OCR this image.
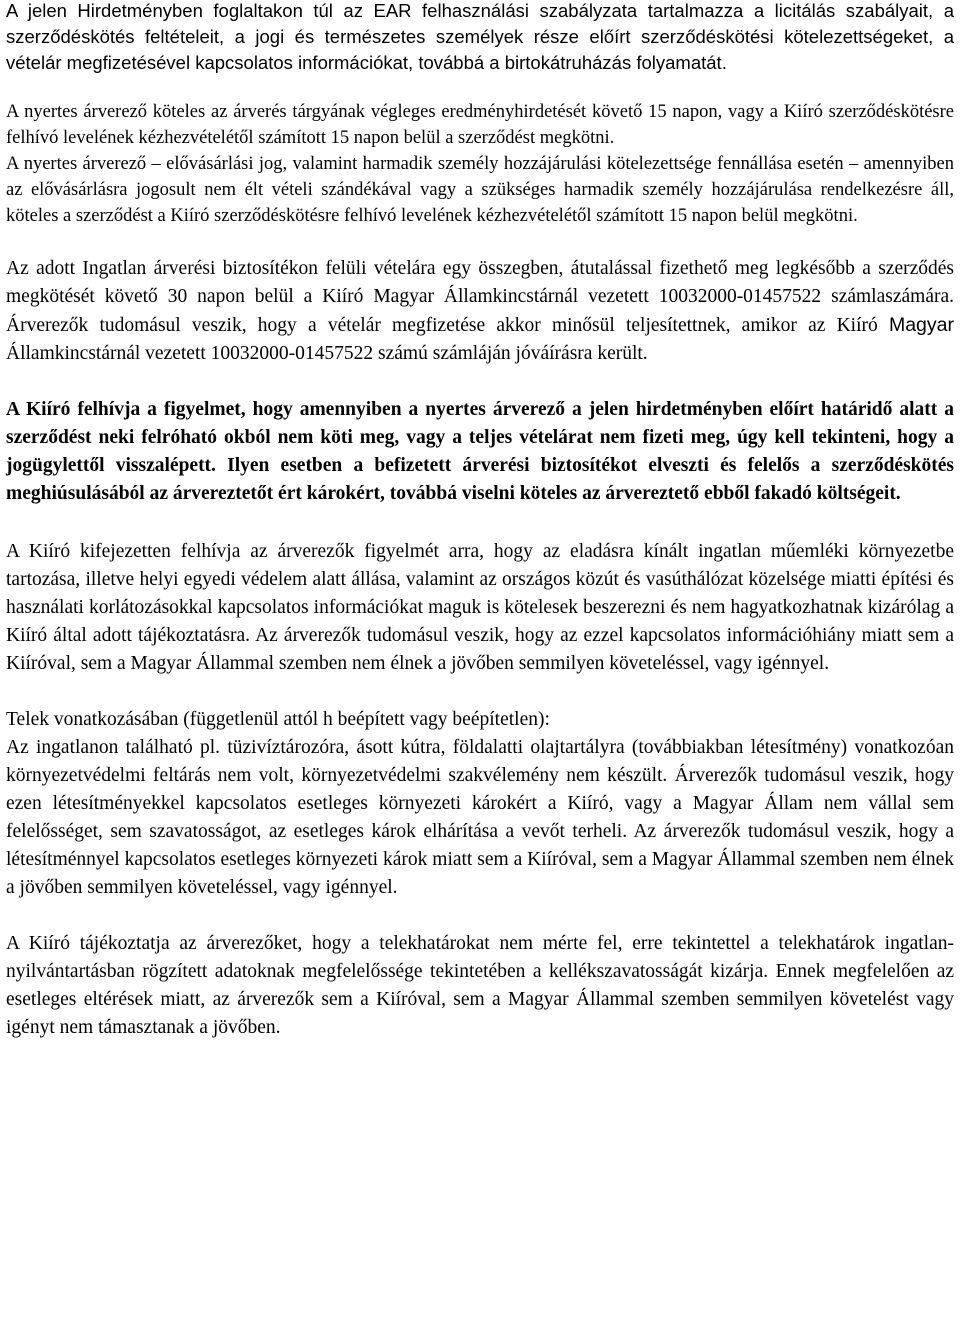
A jelen Hirdetményben foglaltakon túl az EAR felhasználási szabályzata tartalmazza a licitálás szabályait, a szerződéskötés feltételeit, a jogi és természetes személyek része előírt szerződéskötési kötelezettségeket, a vételár megfizetésével kapcsolatos információkat, továbbá a birtokátruházás folyamatát.

A nyertes árverező köteles az árverés tárgyának végleges eredményhirdetését követő 15 napon, vagy a Kiíró szerződéskötésre felhívó levelének kézhezvételétől számított 15 napon belül a szerződést megkötni.

A nyertes árverező – elővásárlási jog, valamint harmadik személy hozzájárulási kötelezettsége fennállása esetén – amennyiben az elővásárlásra jogosult nem élt vételi szándékával vagy a szükséges harmadik személy hozzájárulása rendelkezésre áll, köteles a szerződést a Kiíró szerződéskötésre felhívó levelének kézhezvételétől számított 15 napon belül megkötni.

Az adott Ingatlan árverési biztosítékon felüli vételára egy összegben, átutalással fizethető meg legkésőbb a szerződés megkötését követő 30 napon belül a Kiíró Magyar Államkincstárnál vezetett 10032000-01457522 számlaszámára. Árverezők tudomásul veszik, hogy a vételár megfizetése akkor minősül teljesítettnek, amikor az Kiíró Magyar Államkincstárnál vezetett 10032000-01457522 számú számláján jóváírásra került.

A Kiíró felhívja a figyelmet, hogy amennyiben a nyertes árverező a jelen hirdetményben előírt határidő alatt a szerződést neki felróható okból nem köti meg, vagy a teljes vételárat nem fizeti meg, úgy kell tekinteni, hogy a jogügylettől visszalépett. Ilyen esetben a befizetett árverési biztosítékot elveszti és felelős a szerződéskötés meghiúsulásából az árvereztetőt ért károkért, továbbá viselni köteles az árvereztető ebből fakadó költségeit.

A Kiíró kifejezetten felhívja az árverezők figyelmét arra, hogy az eladásra kínált ingatlan műemléki környezetbe tartozása, illetve helyi egyedi védelem alatt állása, valamint az országos közút és vasúthálózat közelsége miatti építési és használati korlátozásokkal kapcsolatos információkat maguk is kötelesek beszerezni és nem hagyatkozhatnak kizárólag a Kiíró által adott tájékoztatásra. Az árverezők tudomásul veszik, hogy az ezzel kapcsolatos információhiány miatt sem a Kiíróval, sem a Magyar Állammal szemben nem élnek a jövőben semmilyen követeléssel, vagy igénnyel.

Telek vonatkozásában (függetlenül attól h beépített vagy beépítetlen):

Az ingatlanon található pl. tüzivíztározóra, ásott kútra, földalatti olajtartályra (továbbiakban létesítmény) vonatkozóan környezetvédelmi feltárás nem volt, környezetvédelmi szakvélemény nem készült. Árverezők tudomásul veszik, hogy ezen létesítményekkel kapcsolatos esetleges környezeti károkért a Kiíró, vagy a Magyar Állam nem vállal sem felelősséget, sem szavatosságot, az esetleges károk elhárítása a vevőt terheli. Az árverezők tudomásul veszik, hogy a létesítménnyel kapcsolatos esetleges környezeti károk miatt sem a Kiíróval, sem a Magyar Állammal szemben nem élnek a jövőben semmilyen követeléssel, vagy igénnyel.

A Kiíró tájékoztatja az árverezőket, hogy a telekhatárokat nem mérte fel, erre tekintettel a telekhatárok ingatlan-nyilvántartásban rögzített adatoknak megfelelőssége tekintetében a kellékszavatosságát kizárja. Ennek megfelelően az esetleges eltérések miatt, az árverezők sem a Kiíróval, sem a Magyar Állammal szemben semmilyen követelést vagy igényt nem támasztanak a jövőben.
